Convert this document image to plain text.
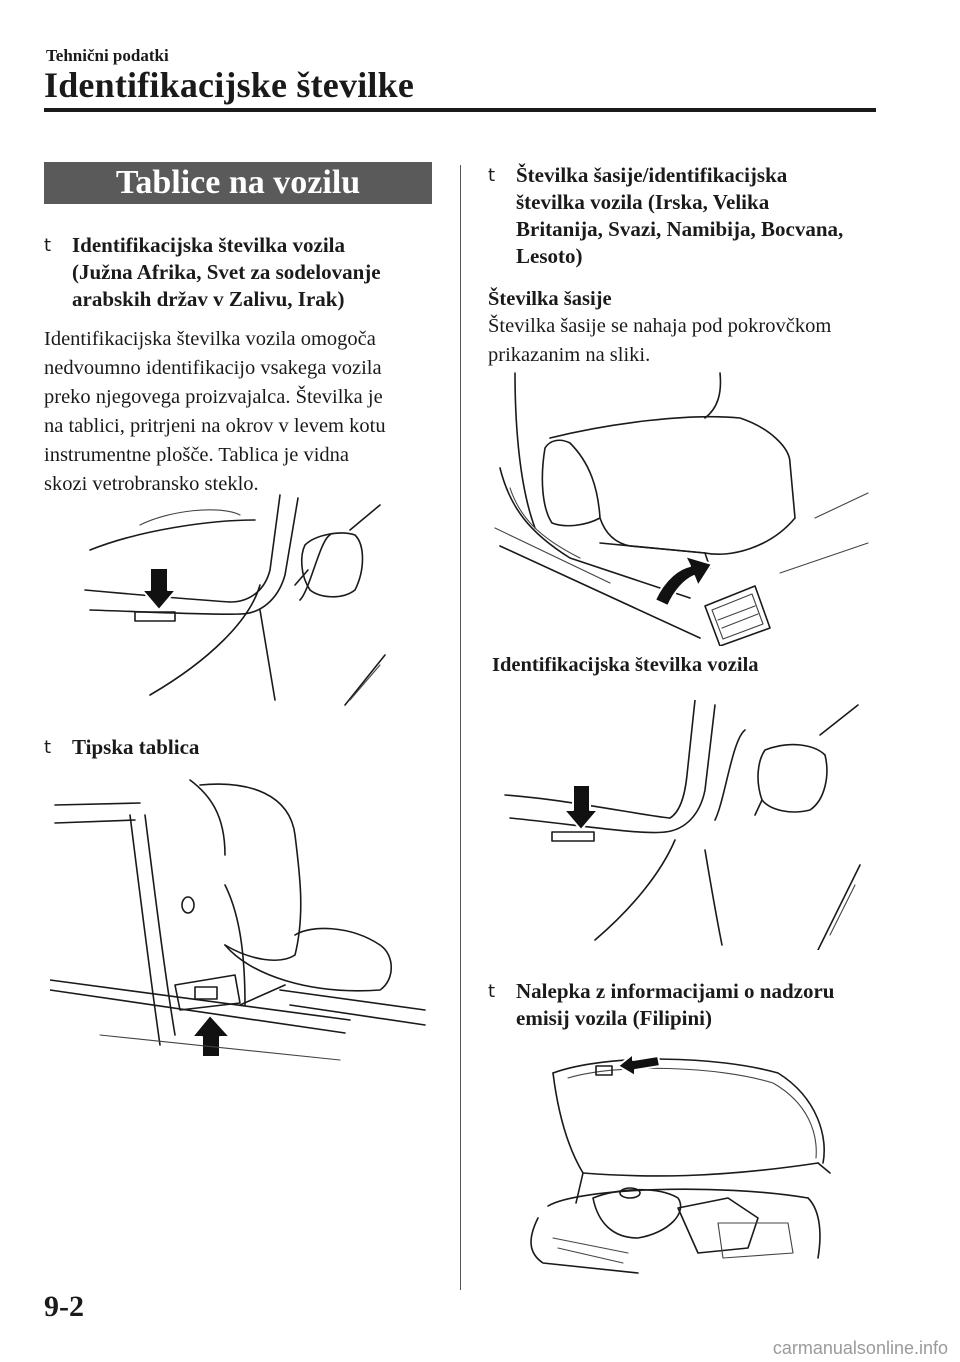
Tehnični podatki
Identifikacijske številke
Tablice na vozilu
t Identifikacijska številka vozila
(Južna Afrika, Svet za sodelovanje
arabskih držav v Zalivu, Irak)
Identifikacijska številka vozila omogoča
nedvoumno identifikacijo vsakega vozila
preko njegovega proizvajalca. Številka je
na tablici, pritrjeni na okrov v levem kotu
instrumentne plošče. Tablica je vidna
skozi vetrobransko steklo.
t Tipska tablica
t Številka šasije/identifikacijska
številka vozila (Irska, Velika
Britanija, Svazi, Namibija, Bocvana,
Lesoto)
Številka šasije
Številka šasije se nahaja pod pokrovčkom
prikazanim na sliki.
Identifikacijska številka vozila
t Nalepka z informacijami o nadzoru
emisij vozila (Filipini)
9-2
carmanualsonline.info
